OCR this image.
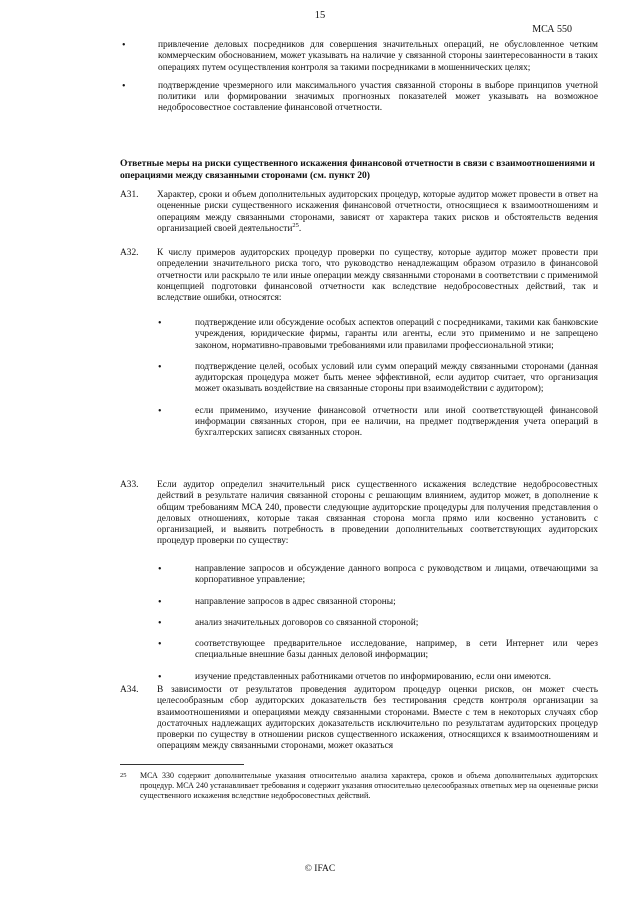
15
МСА 550
•	привлечение деловых посредников для совершения значительных операций, не обусловленное четким коммерческим обоснованием, может указывать на наличие у связанной стороны заинтересованности в таких операциях путем осуществления контроля за такими посредниками в мошеннических целях;
•	подтверждение чрезмерного или максимального участия связанной стороны в выборе принципов учетной политики или формировании значимых прогнозных показателей может указывать на возможное недобросовестное составление финансовой отчетности.
Ответные меры на риски существенного искажения финансовой отчетности в связи с взаимоотношениями и операциями между связанными сторонами (см. пункт 20)
A31. Характер, сроки и объем дополнительных аудиторских процедур, которые аудитор может провести в ответ на оцененные риски существенного искажения финансовой отчетности, относящиеся к взаимоотношениям и операциям между связанными сторонами, зависят от характера таких рисков и обстоятельств ведения организацией своей деятельности$^{25}$.
A32. К числу примеров аудиторских процедур проверки по существу, которые аудитор может провести при определении значительного риска того, что руководство ненадлежащим образом отразило в финансовой отчетности или раскрыло те или иные операции между связанными сторонами в соответствии с применимой концепцией подготовки финансовой отчетности как вследствие недобросовестных действий, так и вследствие ошибки, относятся:
•	подтверждение или обсуждение особых аспектов операций с посредниками, такими как банковские учреждения, юридические фирмы, гаранты или агенты, если это применимо и не запрещено законом, нормативно-правовыми требованиями или правилами профессиональной этики;
•	подтверждение целей, особых условий или сумм операций между связанными сторонами (данная аудиторская процедура может быть менее эффективной, если аудитор считает, что организация может оказывать воздействие на связанные стороны при взаимодействии с аудитором);
•	если применимо, изучение финансовой отчетности или иной соответствующей финансовой информации связанных сторон, при ее наличии, на предмет подтверждения учета операций в бухгалтерских записях связанных сторон.
A33. Если аудитор определил значительный риск существенного искажения вследствие недобросовестных действий в результате наличия связанной стороны с решающим влиянием, аудитор может, в дополнение к общим требованиям МСА 240, провести следующие аудиторские процедуры для получения представления о деловых отношениях, которые такая связанная сторона могла прямо или косвенно установить с организацией, и выявить потребность в проведении дополнительных соответствующих аудиторских процедур проверки по существу:
•	направление запросов и обсуждение данного вопроса с руководством и лицами, отвечающими за корпоративное управление;
•	направление запросов в адрес связанной стороны;
•	анализ значительных договоров со связанной стороной;
•	соответствующее предварительное исследование, например, в сети Интернет или через специальные внешние базы данных деловой информации;
•	изучение представленных работниками отчетов по информированию, если они имеются.
A34. В зависимости от результатов проведения аудитором процедур оценки рисков, он может счесть целесообразным сбор аудиторских доказательств без тестирования средств контроля организации за взаимоотношениями и операциями между связанными сторонами. Вместе с тем в некоторых случаях сбор достаточных надлежащих аудиторских доказательств исключительно по результатам аудиторских процедур проверки по существу в отношении рисков существенного искажения, относящихся к взаимоотношениям и операциям между связанными сторонами, может оказаться
25 МСА 330 содержит дополнительные указания относительно анализа характера, сроков и объема дополнительных аудиторских процедур. МСА 240 устанавливает требования и содержит указания относительно целесообразных ответных мер на оцененные риски существенного искажения вследствие недобросовестных действий.
© IFAC
